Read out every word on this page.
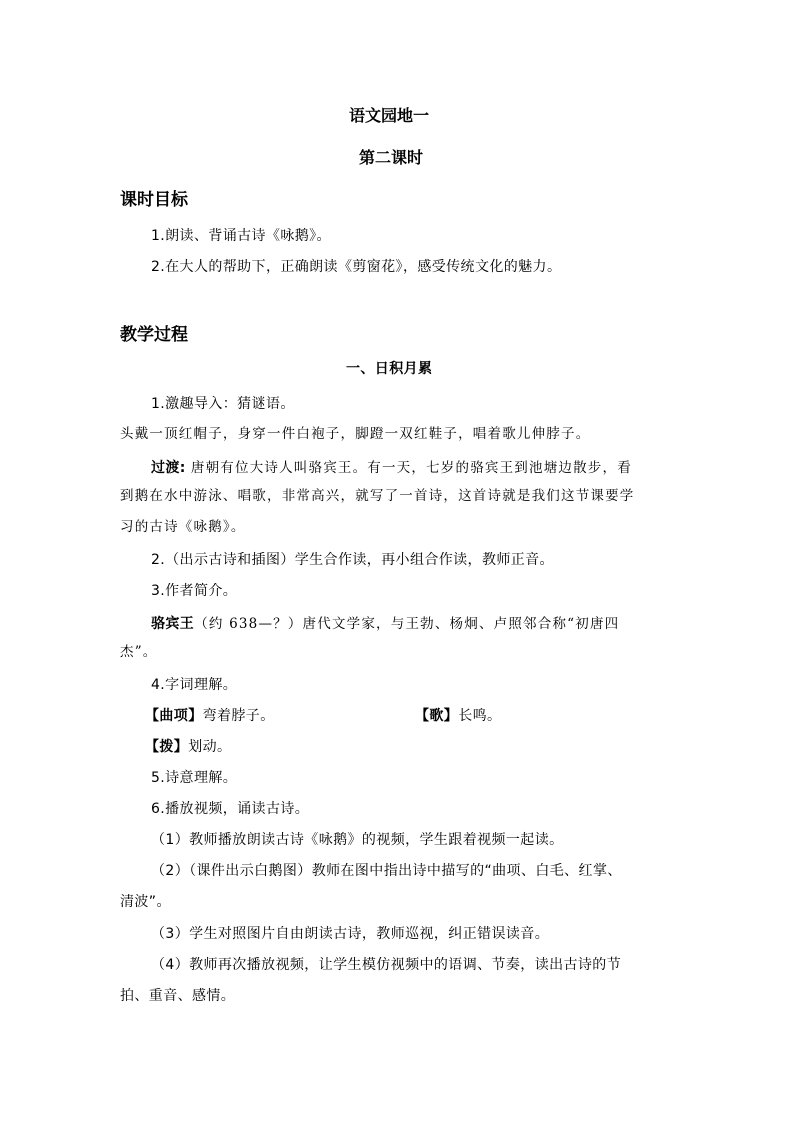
语文园地一
第二课时
课时目标
1.朗读、背诵古诗《咏鹅》。
2.在大人的帮助下，正确朗读《剪窗花》，感受传统文化的魅力。
教学过程
一、日积月累
1.激趣导入：猜谜语。
头戴一顶红帽子，身穿一件白袍子，脚蹬一双红鞋子，唱着歌儿伸脖子。
过渡: 唐朝有位大诗人叫骆宾王。有一天，七岁的骆宾王到池塘边散步，看
到鹅在水中游泳、唱歌，非常高兴，就写了一首诗，这首诗就是我们这节课要学
习的古诗《咏鹅》。
2.（出示古诗和插图）学生合作读，再小组合作读，教师正音。
3.作者简介。
骆宾王（约 638—？）唐代文学家，与王勃、杨炯、卢照邻合称“初唐四
杰”。
4.字词理解。
【曲项】弯着脖子。	【歌】长鸣。
【拨】划动。
5.诗意理解。
6.播放视频，诵读古诗。
（1）教师播放朗读古诗《咏鹅》的视频，学生跟着视频一起读。
（2）（课件出示白鹅图）教师在图中指出诗中描写的“曲项、白毛、红掌、
清波”。
（3）学生对照图片自由朗读古诗，教师巡视，纠正错误读音。
（4）教师再次播放视频，让学生模仿视频中的语调、节奏，读出古诗的节
拍、重音、感情。
